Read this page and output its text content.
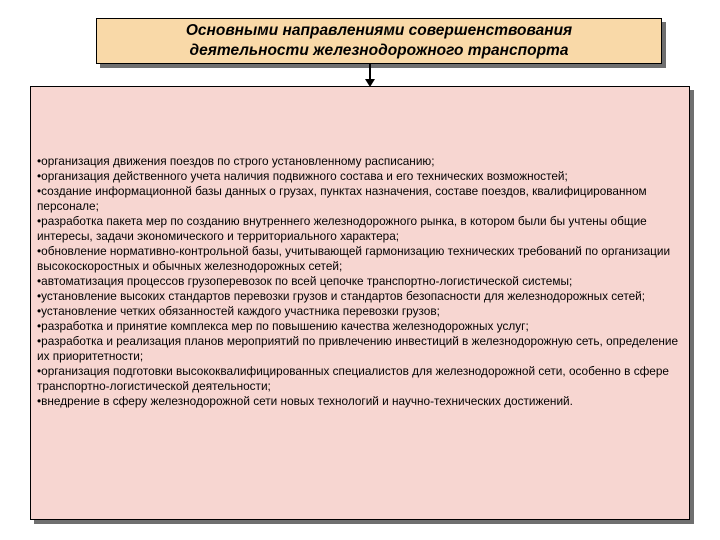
Основными направлениями совершенствования
деятельности железнодорожного транспорта
•организация движения поездов по строго установленному расписанию;
•организация действенного учета наличия подвижного состава и его технических возможностей;
•создание информационной базы данных о грузах, пунктах назначения, составе поездов, квалифицированном персонале;
•разработка пакета мер по созданию внутреннего железнодорожного рынка, в котором были бы учтены общие интересы, задачи экономического и территориального характера;
•обновление нормативно-контрольной базы, учитывающей гармонизацию технических требований по организации высокоскоростных и обычных железнодорожных сетей;
•автоматизация процессов грузоперевозок по всей цепочке транспортно-логистической системы;
•установление высоких стандартов перевозки грузов и стандартов безопасности для железнодорожных сетей;
•установление четких обязанностей каждого участника перевозки грузов;
•разработка и принятие комплекса мер по повышению качества железнодорожных услуг;
•разработка и реализация планов мероприятий по привлечению инвестиций в железнодорожную сеть, определение их приоритетности;
•организация подготовки высококвалифицированных специалистов для железнодорожной сети, особенно в сфере транспортно-логистической деятельности;
•внедрение в сферу железнодорожной сети новых технологий и научно-технических достижений.
